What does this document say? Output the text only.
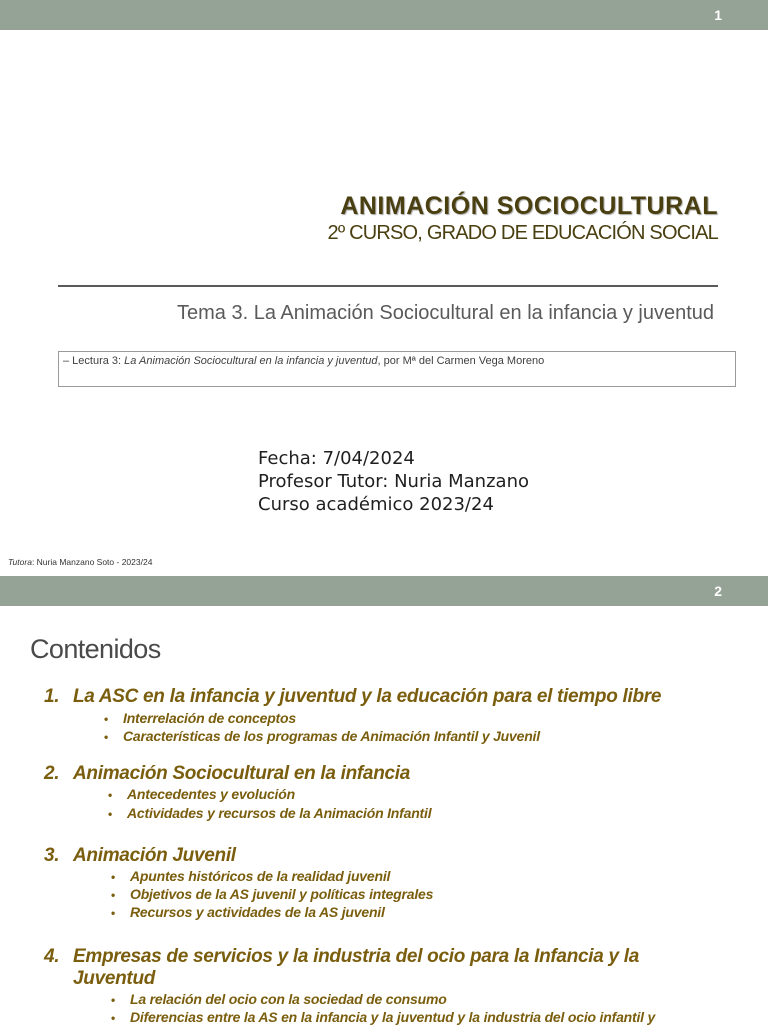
1
ANIMACIÓN SOCIOCULTURAL
2º CURSO, GRADO DE EDUCACIÓN SOCIAL
Tema 3. La Animación Sociocultural en la infancia y juventud
– Lectura 3: La Animación Sociocultural en la infancia y juventud, por Mª del Carmen Vega Moreno
Fecha: 7/04/2024
Profesor Tutor: Nuria Manzano
Curso académico 2023/24
Tutora: Nuria Manzano Soto - 2023/24
2
Contenidos
1. La ASC en la infancia y juventud y la educación para el tiempo libre
• Interrelación de conceptos
• Características de los programas de Animación Infantil y Juvenil
2. Animación Sociocultural en la infancia
• Antecedentes y evolución
• Actividades y recursos de la Animación Infantil
3. Animación Juvenil
• Apuntes históricos de la realidad juvenil
• Objetivos de la AS juvenil y políticas integrales
• Recursos y actividades de la AS juvenil
4. Empresas de servicios y la industria del ocio para la Infancia y la
Juventud
• La relación del ocio con la sociedad de consumo
• Diferencias entre la AS en la infancia y la juventud y la industria del ocio infantil y
